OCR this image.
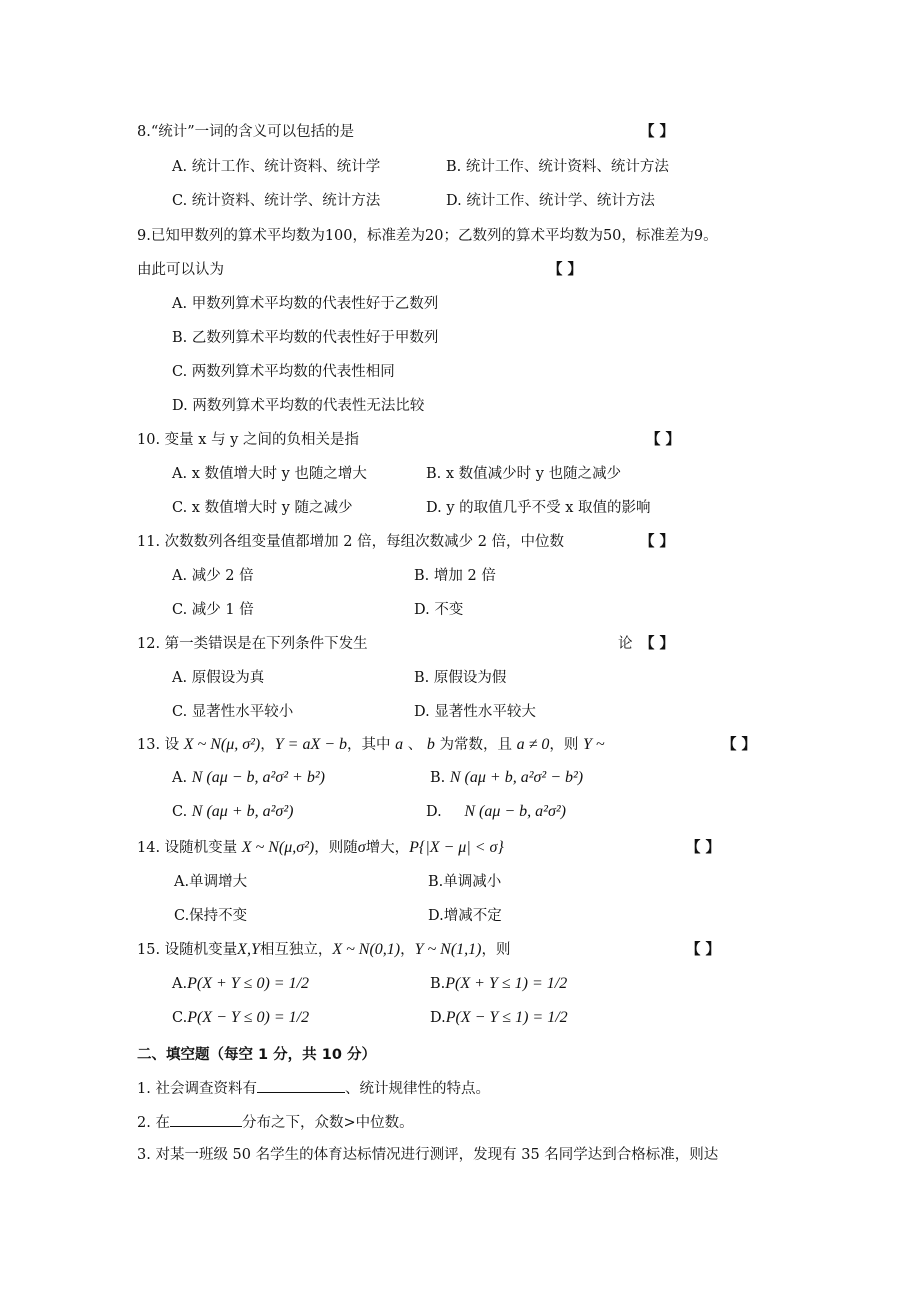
8.“统计”一词的含义可以包括的是	【 】
A. 统计工作、统计资料、统计学	B. 统计工作、统计资料、统计方法
C. 统计资料、统计学、统计方法	D. 统计工作、统计学、统计方法
9.已知甲数列的算术平均数为100，标准差为20；乙数列的算术平均数为50，标准差为9。
由此可以认为	【 】
A. 甲数列算术平均数的代表性好于乙数列
B. 乙数列算术平均数的代表性好于甲数列
C. 两数列算术平均数的代表性相同
D. 两数列算术平均数的代表性无法比较
10. 变量 x 与 y 之间的负相关是指	【 】
A. x 数值增大时 y 也随之增大	B. x 数值减少时 y 也随之减少
C. x 数值增大时 y 随之减少	D. y 的取值几乎不受 x 取值的影响
11. 次数数列各组变量值都增加 2 倍，每组次数减少 2 倍，中位数	【 】
A. 减少 2 倍	B. 增加 2 倍
C. 减少 1 倍	D. 不变
12. 第一类错误是在下列条件下发生	论 【 】
A. 原假设为真	B. 原假设为假
C. 显著性水平较小	D. 显著性水平较大
13. 设 X ~ N(μ, σ²)，Y = aX − b，其中 a 、 b 为常数，且 a ≠ 0，则 Y ~	【 】
A. N (aμ − b, a²σ² + b²)	B. N (aμ + b, a²σ² − b²)
C. N (aμ + b, a²σ²)	D. N (aμ − b, a²σ²)
14. 设随机变量 X ~ N(μ,σ²)，则随σ增大，P{|X − μ| < σ}	【 】
A.单调增大	B.单调减小
C.保持不变	D.增减不定
15. 设随机变量X,Y相互独立，X ~ N(0,1)，Y ~ N(1,1)，则	【 】
A.P(X + Y ≤ 0) = 1/2	B.P(X + Y ≤ 1) = 1/2
C.P(X − Y ≤ 0) = 1/2	D.P(X − Y ≤ 1) = 1/2
二、填空题（每空 1 分，共 10 分）
1. 社会调查资料有	、统计规律性的特点。
2. 在	分布之下，众数>中位数。
3. 对某一班级 50 名学生的体育达标情况进行测评，发现有 35 名同学达到合格标准，则达
